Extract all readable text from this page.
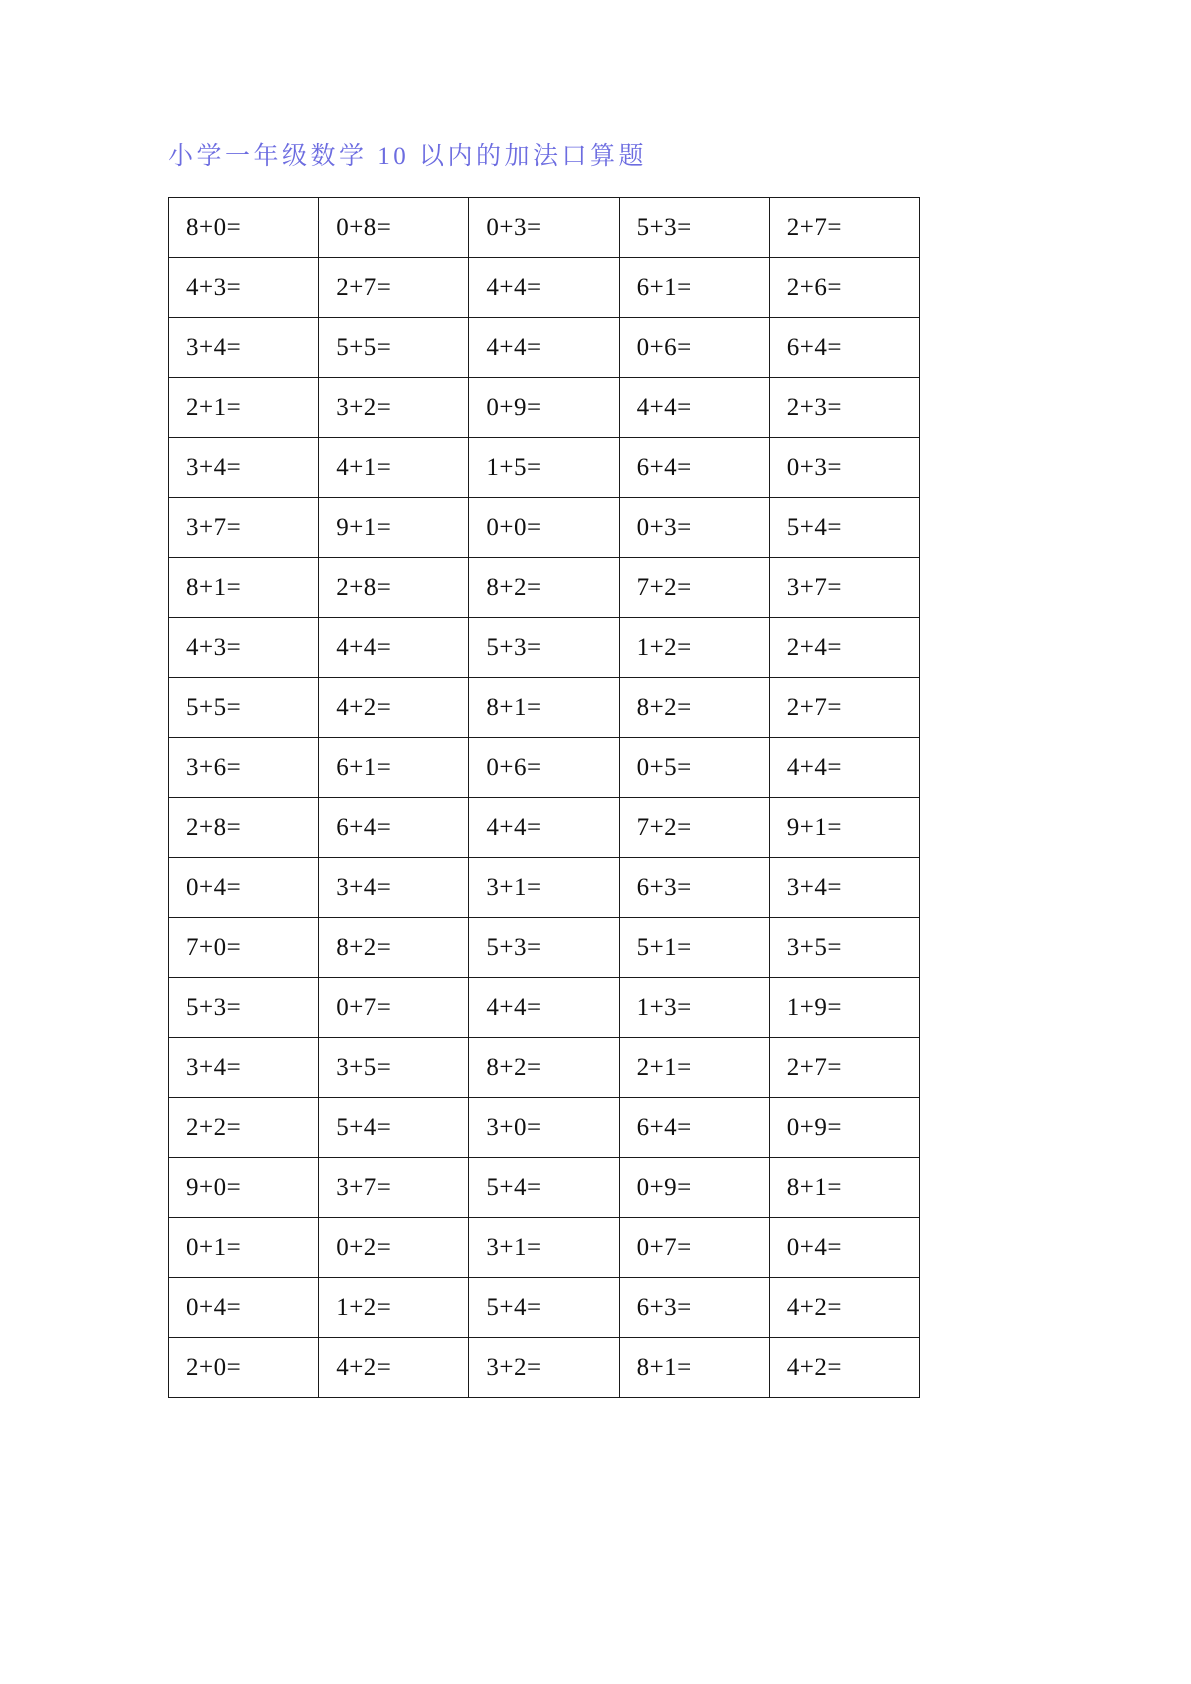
小学一年级数学 10 以内的加法口算题
8+0=	0+8=	0+3=	5+3=	2+7=
4+3=	2+7=	4+4=	6+1=	2+6=
3+4=	5+5=	4+4=	0+6=	6+4=
2+1=	3+2=	0+9=	4+4=	2+3=
3+4=	4+1=	1+5=	6+4=	0+3=
3+7=	9+1=	0+0=	0+3=	5+4=
8+1=	2+8=	8+2=	7+2=	3+7=
4+3=	4+4=	5+3=	1+2=	2+4=
5+5=	4+2=	8+1=	8+2=	2+7=
3+6=	6+1=	0+6=	0+5=	4+4=
2+8=	6+4=	4+4=	7+2=	9+1=
0+4=	3+4=	3+1=	6+3=	3+4=
7+0=	8+2=	5+3=	5+1=	3+5=
5+3=	0+7=	4+4=	1+3=	1+9=
3+4=	3+5=	8+2=	2+1=	2+7=
2+2=	5+4=	3+0=	6+4=	0+9=
9+0=	3+7=	5+4=	0+9=	8+1=
0+1=	0+2=	3+1=	0+7=	0+4=
0+4=	1+2=	5+4=	6+3=	4+2=
2+0=	4+2=	3+2=	8+1=	4+2=
